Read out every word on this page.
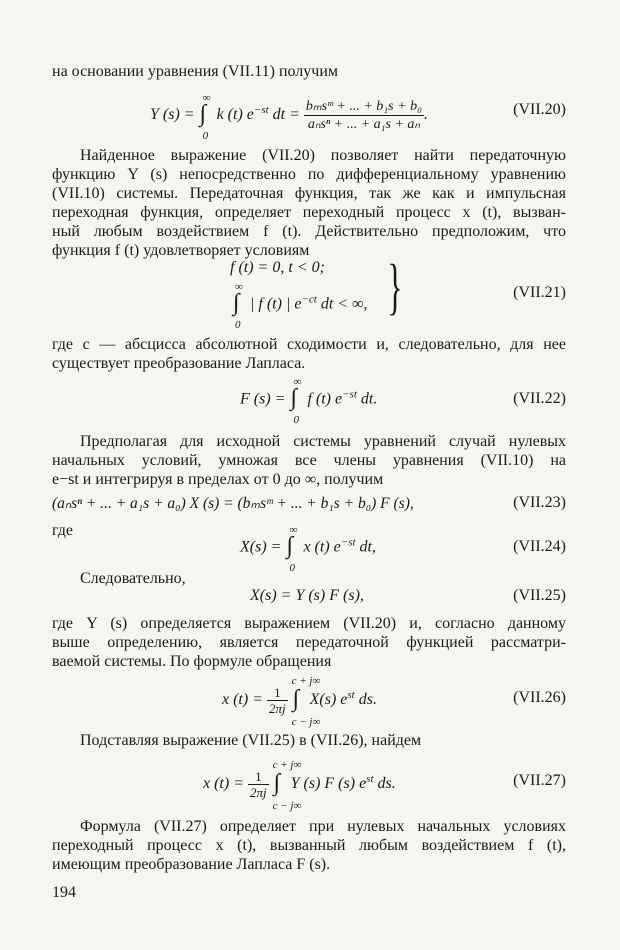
на основании уравнения (VII.11) получим
Y (s) = ∫
∞
0
k (t) $e^{-st}$ dt = $\frac{\text{bₘsᵐ + ... + b₁s + b₀}}{\text{aₙsⁿ + ... + a₁s + aₙ}}$ .	(VII.20)
Найденное выражение (VII.20) позволяет найти передаточную
функцию Y (s) непосредственно по дифференциальному уравнению
(VII.10) системы. Передаточная функция, так же как и импульсная
переходная функция, определяет переходный процесс x (t), вызван-
ный любым воздействием f (t). Действительно предположим, что
функция f (t) удовлетворяет условиям
f (t) = 0, t < 0;
∫
∞
0
| f (t) | $e^{-ct}$ dt < ∞, }	(VII.21)
где c — абсцисса абсолютной сходимости и, следовательно, для нее
существует преобразование Лапласа.
F (s) = ∫
∞
0
f (t) $e^{-st}$ dt.	(VII.22)
Предполагая для исходной системы уравнений случай нулевых
начальных условий, умножая все члены уравнения (VII.10) на
e−st и интегрируя в пределах от 0 до ∞, получим
(aₙsⁿ + ... + a₁s + a₀) X (s) = (bₘsᵐ + ... + b₁s + b₀) F (s),	(VII.23)
где
X(s) = ∫
∞
0
x (t) $e^{-st}$ dt,	(VII.24)
Следовательно,
X(s) = Y (s) F (s),	(VII.25)
где Y (s) определяется выражением (VII.20) и, согласно данному
выше определению, является передаточной функцией рассматри-
ваемой системы. По формуле обращения
x $(t) = \frac{1}{2\pi j}$
∫
c + j∞
c − j∞
X(s) $e^{st}$ ds.	(VII.26)
Подставляя выражение (VII.25) в (VII.26), найдем
x $(t) = \frac{1}{2\pi j}$
∫
c + j∞
c − j∞
Y (s) F (s) $e^{st}$ ds.	(VII.27)
Формула (VII.27) определяет при нулевых начальных условиях
переходный процесс x (t), вызванный любым воздействием f (t),
имеющим преобразование Лапласа F (s).
194
